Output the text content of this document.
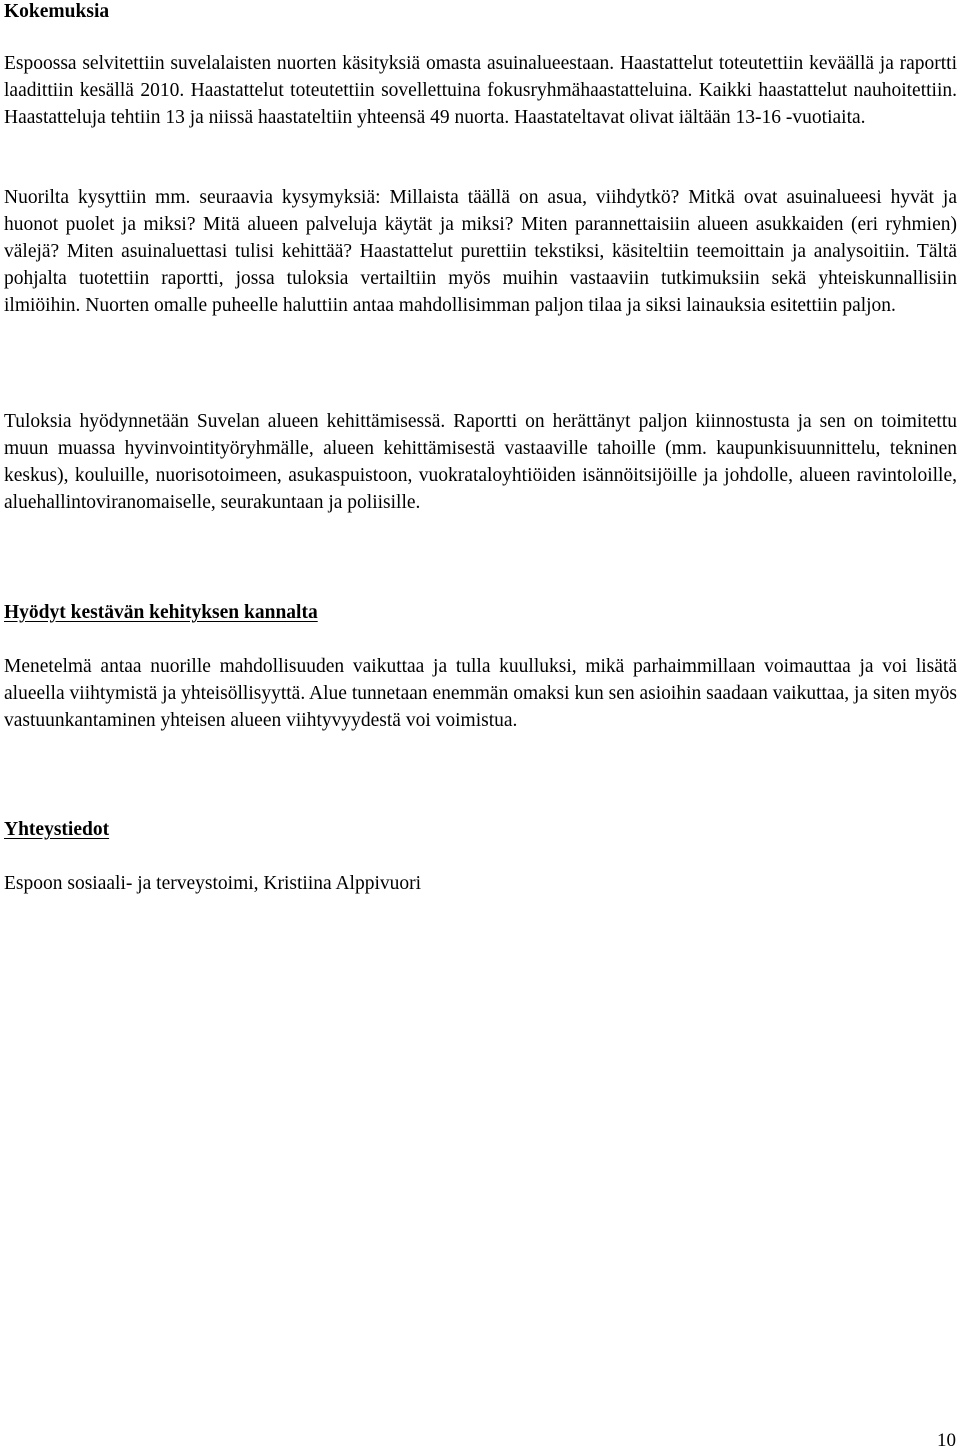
Kokemuksia

Espoossa selvitettiin suvelalaisten nuorten käsityksiä omasta asuinalueestaan. Haastattelut toteutettiin keväällä ja raportti laadittiin kesällä 2010. Haastattelut toteutettiin sovellettuina fokusryhmähaastatteluina. Kaikki haastattelut nauhoitettiin. Haastatteluja tehtiin 13 ja niissä haastateltiin yhteensä 49 nuorta. Haastateltavat olivat iältään 13-16 -vuotiaita.

Nuorilta kysyttiin mm. seuraavia kysymyksiä: Millaista täällä on asua, viihdytkö? Mitkä ovat asuinalueesi hyvät ja huonot puolet ja miksi? Mitä alueen palveluja käytät ja miksi? Miten parannettaisiin alueen asukkaiden (eri ryhmien) välejä? Miten asuinaluettasi tulisi kehittää? Haastattelut purettiin tekstiksi, käsiteltiin teemoittain ja analysoitiin. Tältä pohjalta tuotettiin raportti, jossa tuloksia vertailtiin myös muihin vastaaviin tutkimuksiin sekä yhteiskunnallisiin ilmiöihin. Nuorten omalle puheelle haluttiin antaa mahdollisimman paljon tilaa ja siksi lainauksia esitettiin paljon.

Tuloksia hyödynnetään Suvelan alueen kehittämisessä. Raportti on herättänyt paljon kiinnostusta ja sen on toimitettu muun muassa hyvinvointityöryhmälle, alueen kehittämisestä vastaaville tahoille (mm. kaupunkisuunnittelu, tekninen keskus), kouluille, nuorisotoimeen, asukaspuistoon, vuokrataloyhtiöiden isännöitsijöille ja johdolle, alueen ravintoloille, aluehallintoviranomaiselle, seurakuntaan ja poliisille.

Hyödyt kestävän kehityksen kannalta

Menetelmä antaa nuorille mahdollisuuden vaikuttaa ja tulla kuulluksi, mikä parhaimmillaan voimauttaa ja voi lisätä alueella viihtymistä ja yhteisöllisyyttä. Alue tunnetaan enemmän omaksi kun sen asioihin saadaan vaikuttaa, ja siten myös vastuunkantaminen yhteisen alueen viihtyvyydestä voi voimistua.

Yhteystiedot

Espoon sosiaali- ja terveystoimi, Kristiina Alppivuori

10
